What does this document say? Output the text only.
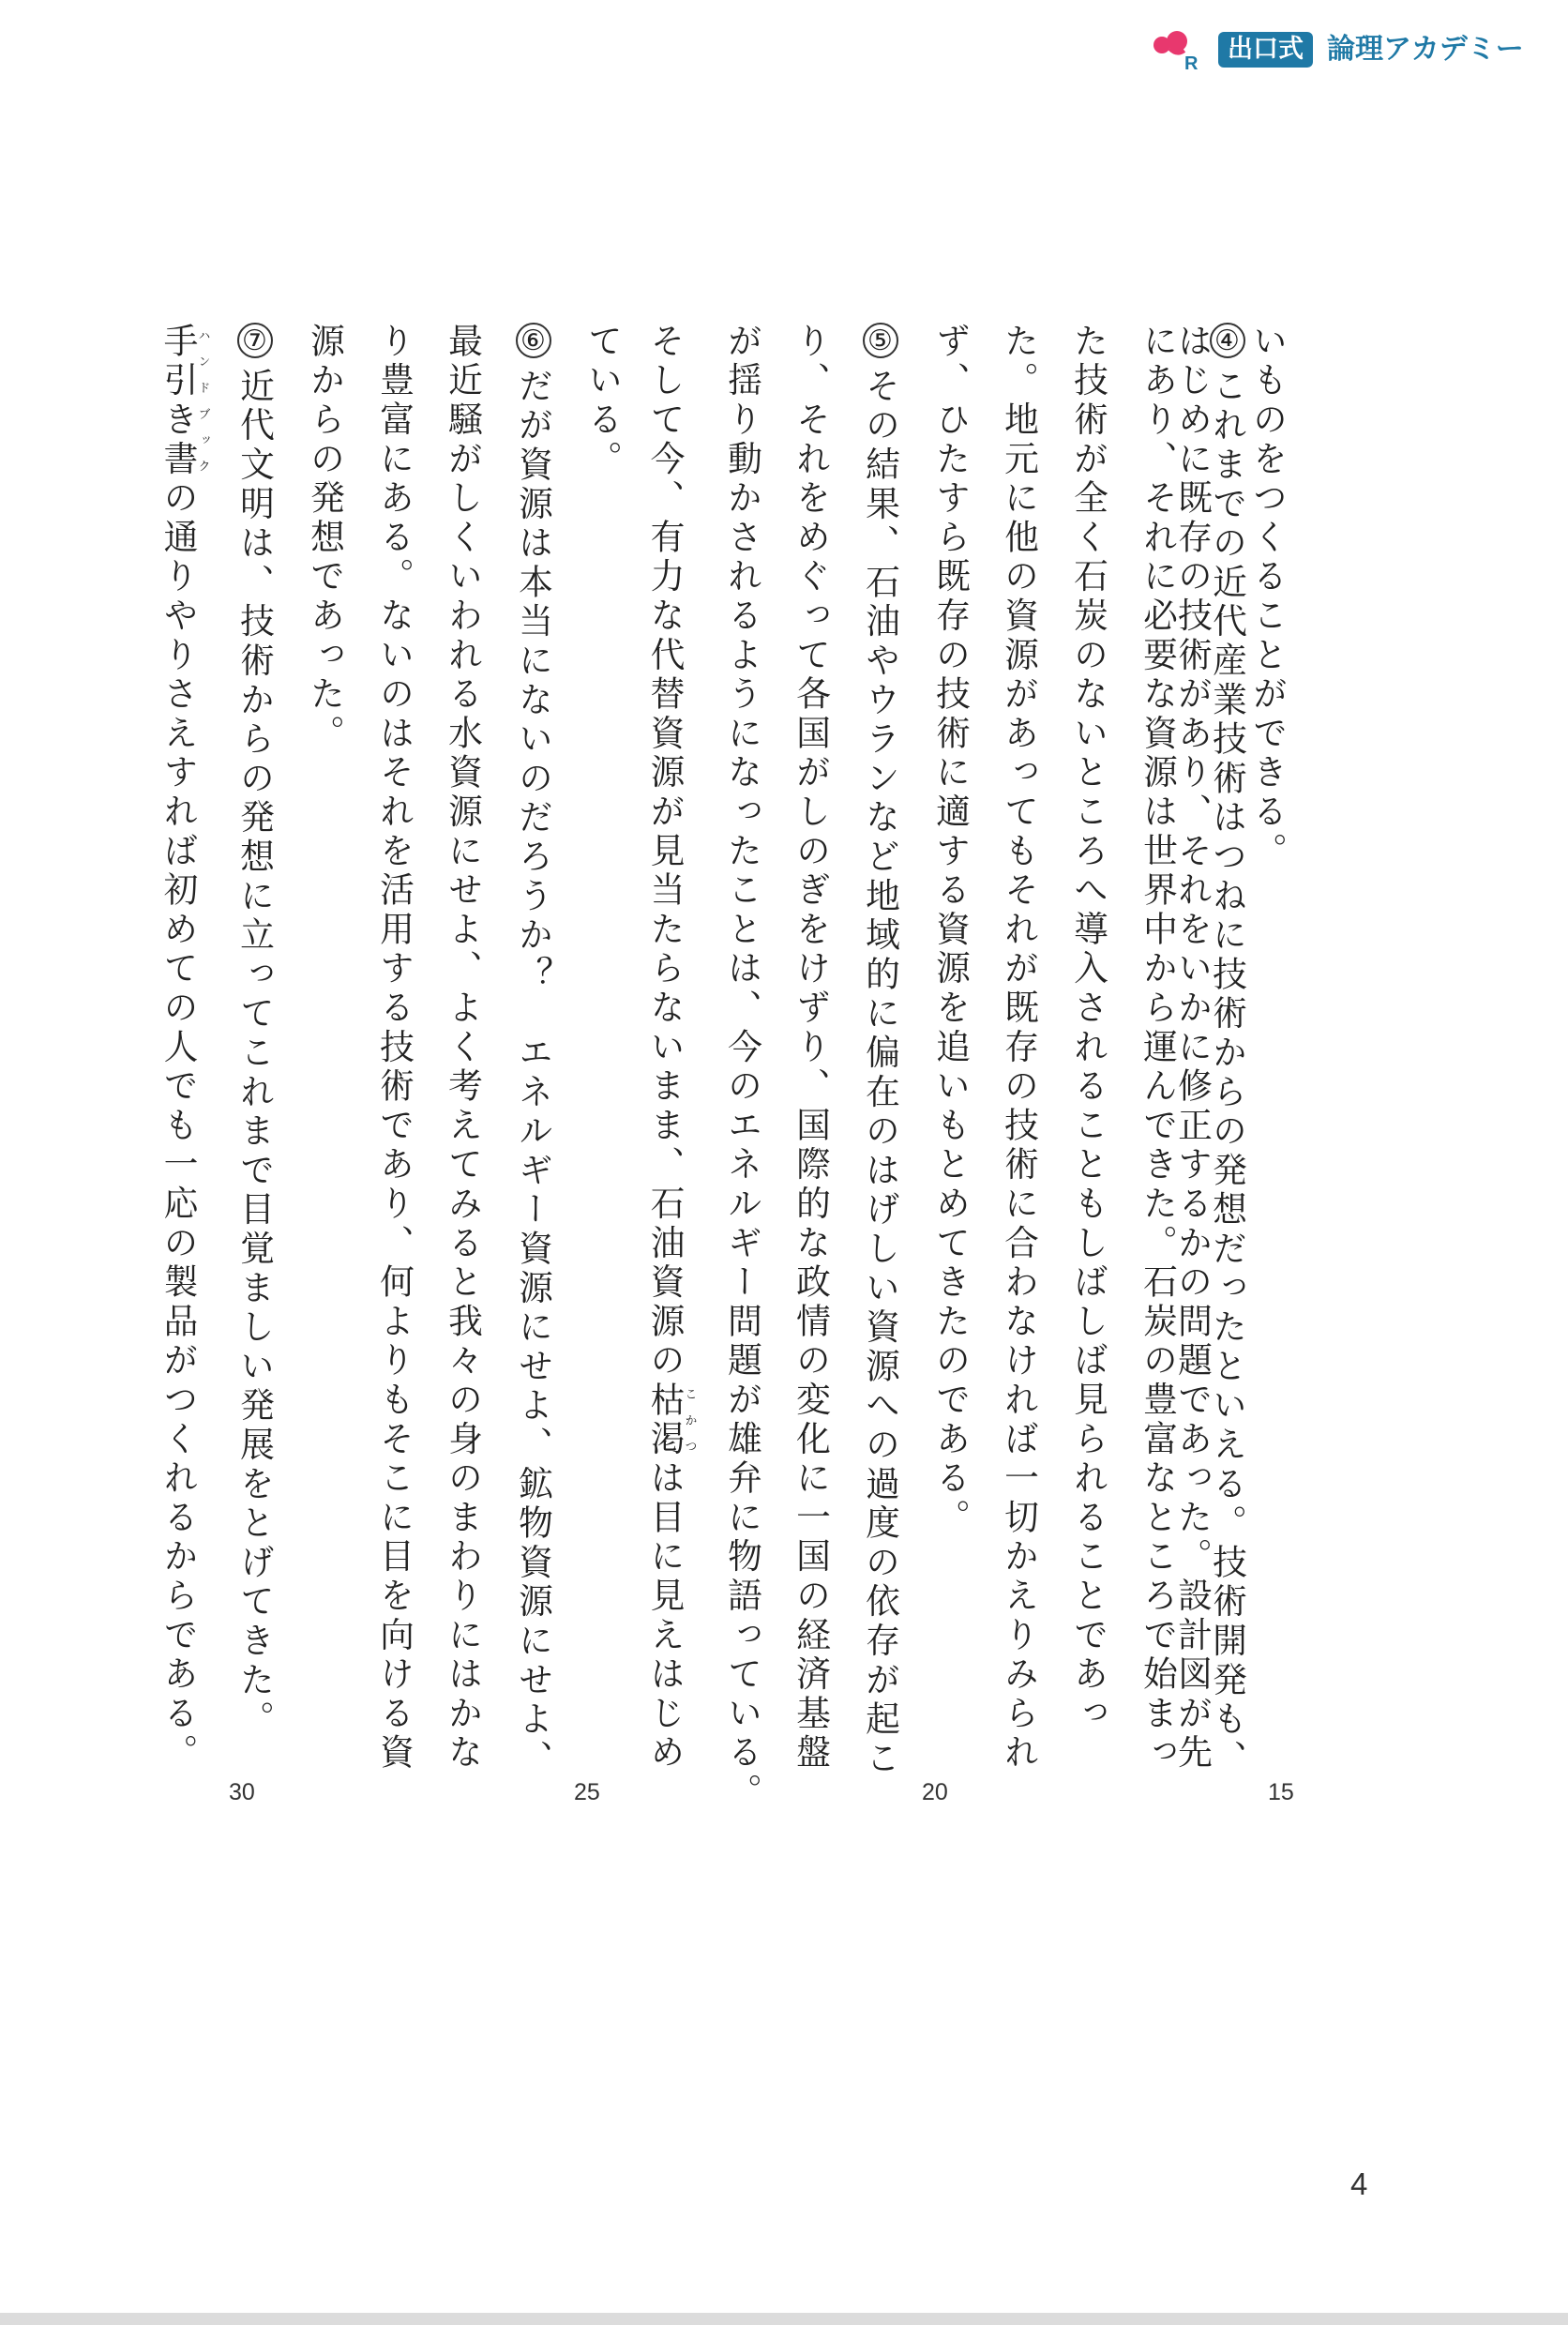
R	出口式 論理アカデミー
いものをつくることができる。
④これまでの近代産業技術はつねに技術からの発想だったといえる。技術開発も、
はじめに既存の技術があり、それをいかに修正するかの問題であった。設計図が先
にあり、それに必要な資源は世界中から運んできた。石炭の豊富なところで始まっ
た技術が全く石炭のないところへ導入されることもしばしば見られることであっ
た。地元に他の資源があってもそれが既存の技術に合わなければ一切かえりみられ
ず、ひたすら既存の技術に適する資源を追いもとめてきたのである。
⑤その結果、石油やウランなど地域的に偏在のはげしい資源への過度の依存が起こ
り、それをめぐって各国がしのぎをけずり、国際的な政情の変化に一国の経済基盤
が揺り動かされるようになったことは、今のエネルギー問題が雄弁に物語っている。
そして今、有力な代替資源が見当たらないまま、石油資源の枯渇こかつは目に見えはじめ
ている。
⑥だが資源は本当にないのだろうか？　エネルギー資源にせよ、鉱物資源にせよ、
最近騒がしくいわれる水資源にせよ、よく考えてみると我々の身のまわりにはかな
り豊富にある。ないのはそれを活用する技術であり、何よりもそこに目を向ける資
源からの発想であった。
⑦近代文明は、技術からの発想に立ってこれまで目覚ましい発展をとげてきた。
手引き書ハンドブックの通りやりさえすれば初めての人でも一応の製品がつくれるからである。
15
20
25
30
4
